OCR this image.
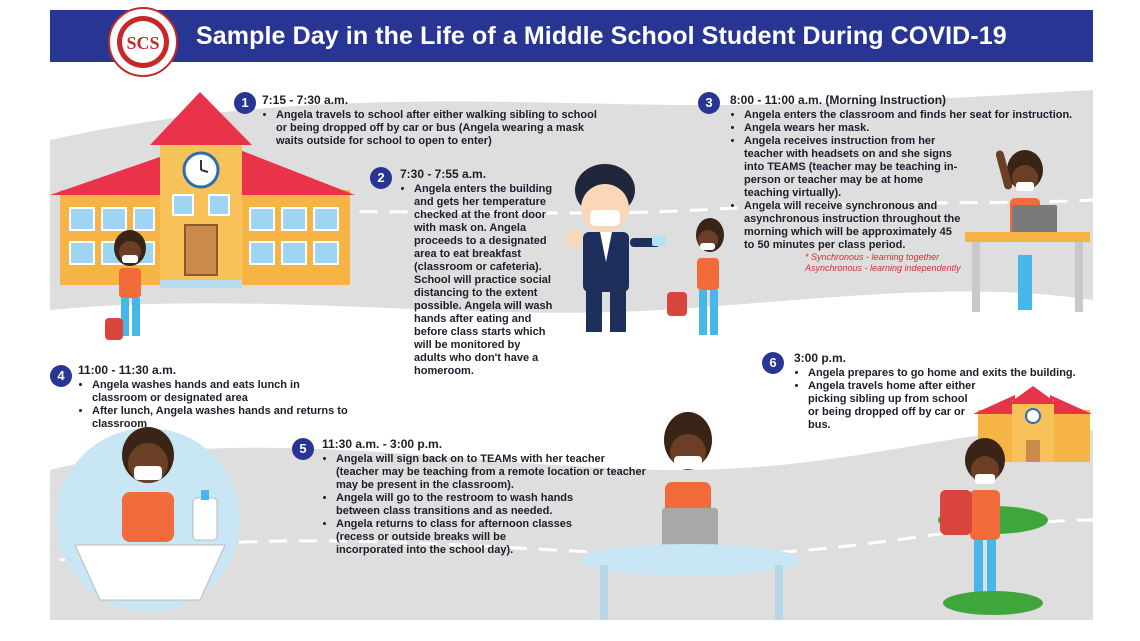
Sample Day in the Life of a Middle School Student During COVID-19
SCS
1	7:15 - 7:30 a.m.
• Angela travels to school after either walking sibling to school or being dropped off by car or bus (Angela wearing a mask waits outside for school to open to enter)
2	7:30 - 7:55 a.m.
• Angela enters the building and gets her temperature checked at the front door with mask on. Angela proceeds to a designated area to eat breakfast (classroom or cafeteria). School will practice social distancing to the extent possible. Angela will wash hands after eating and before class starts which will be monitored by adults who don't have a homeroom.
3	8:00 - 11:00 a.m. (Morning Instruction)
• Angela enters the classroom and finds her seat for instruction.
• Angela wears her mask.
• Angela receives instruction from her teacher with headsets on and she signs into TEAMS (teacher may be teaching in-person or teacher may be at home teaching virtually).
• Angela will receive synchronous and asynchronous instruction throughout the morning which will be approximately 45 to 50 minutes per class period.
* Synchronous - learning together
Asynchronous - learning independently
4	11:00 - 11:30 a.m.
• Angela washes hands and eats lunch in classroom or designated area
• After lunch, Angela washes hands and returns to classroom
5	11:30 a.m. - 3:00 p.m.
• Angela will sign back on to TEAMs with her teacher (teacher may be teaching from a remote location or teacher may be present in the classroom).
• Angela will go to the restroom to wash hands between class transitions and as needed.
• Angela returns to class for afternoon classes (recess or outside breaks will be incorporated into the school day).
6	3:00 p.m.
• Angela prepares to go home and exits the building.
• Angela travels home after either picking sibling up from school or being dropped off by car or bus.
